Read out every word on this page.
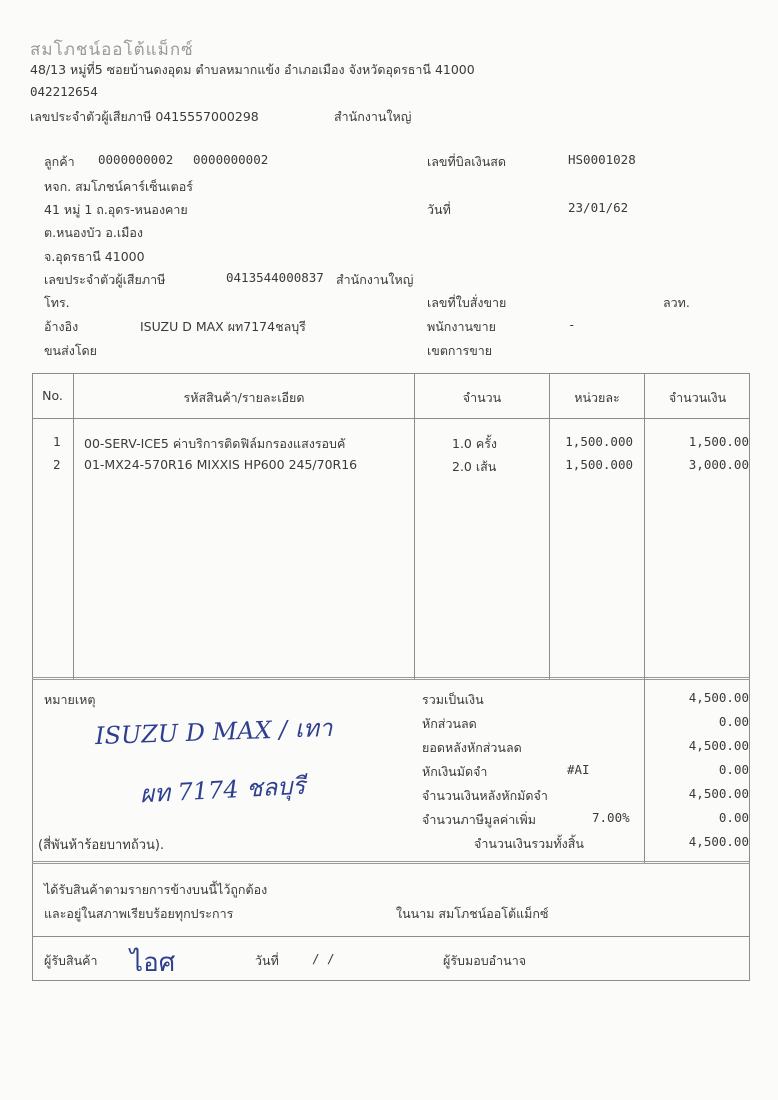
สมโภชน์ออโต้แม็กซ์
48/13 หมู่ที่5 ซอยบ้านดงอุดม ตำบลหมากแข้ง อำเภอเมือง จังหวัดอุดรธานี 41000
042212654
เลขประจำตัวผู้เสียภาษี 0415557000298	สำนักงานใหญ่
ลูกค้า 0000000002 0000000002
หจก. สมโภชน์คาร์เซ็นเตอร์
41 หมู่ 1 ถ.อุดร-หนองคาย
ต.หนองบัว อ.เมือง
จ.อุดรธานี 41000
เลขประจำตัวผู้เสียภาษี	0413544000837 สำนักงานใหญ่
โทร.
อ้างอิง	ISUZU D MAX ผท7174ชลบุรี
ขนส่งโดย
เลขที่บิลเงินสด	HS0001028
วันที่	23/01/62
เลขที่ใบสั่งขาย	ลวท.
พนักงานขาย	-
เขตการขาย
No.	รหัสสินค้า/รายละเอียด	จำนวน	หน่วยละ	จำนวนเงิน
1 00-SERV-ICE5 ค่าบริการติดฟิล์มกรองแสงรอบคั	1.0 ครั้ง	1,500.000	1,500.00
2 01-MX24-570R16 MIXXIS HP600 245/70R16	2.0 เส้น	1,500.000	3,000.00
หมายเหตุ
ISUZU D MAX / เทา
ผท 7174 ชลบุรี
(สี่พันห้าร้อยบาทถ้วน).
รวมเป็นเงิน	4,500.00
หักส่วนลด	0.00
ยอดหลังหักส่วนลด	4,500.00
หักเงินมัดจำ	#AI	0.00
จำนวนเงินหลังหักมัดจำ	4,500.00
จำนวนภาษีมูลค่าเพิ่ม	7.00%	0.00
จำนวนเงินรวมทั้งสิ้น	4,500.00
ได้รับสินค้าตามรายการข้างบนนี้ไว้ถูกต้อง
และอยู่ในสภาพเรียบร้อยทุกประการ	ในนาม สมโภชน์ออโต้แม็กซ์
ผู้รับสินค้า ไอศ	วันที่	/ /	ผู้รับมอบอำนาจ
